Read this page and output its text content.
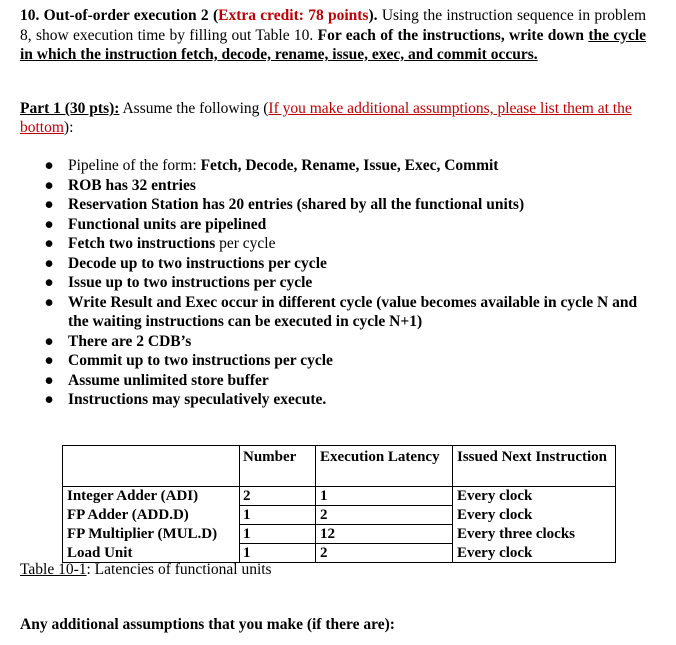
10. Out-of-order execution 2 (Extra credit: 78 points). Using the instruction sequence in problem 8, show execution time by filling out Table 10. For each of the instructions, write down the cycle in which the instruction fetch, decode, rename, issue, exec, and commit occurs.
Part 1 (30 pts): Assume the following (If you make additional assumptions, please list them at the bottom):
● Pipeline of the form: Fetch, Decode, Rename, Issue, Exec, Commit
● ROB has 32 entries
● Reservation Station has 20 entries (shared by all the functional units)
● Functional units are pipelined
● Fetch two instructions per cycle
● Decode up to two instructions per cycle
● Issue up to two instructions per cycle
● Write Result and Exec occur in different cycle (value becomes available in cycle N and the waiting instructions can be executed in cycle N+1)
● There are 2 CDB’s
● Commit up to two instructions per cycle
● Assume unlimited store buffer
● Instructions may speculatively execute.
	Number	Execution Latency	Issued Next Instruction
Integer Adder (ADI)	2	1	Every clock
FP Adder (ADD.D)	1	2	Every clock
FP Multiplier (MUL.D)	1	12	Every three clocks
Load Unit	1	2	Every clock
Table 10-1: Latencies of functional units
Any additional assumptions that you make (if there are):
